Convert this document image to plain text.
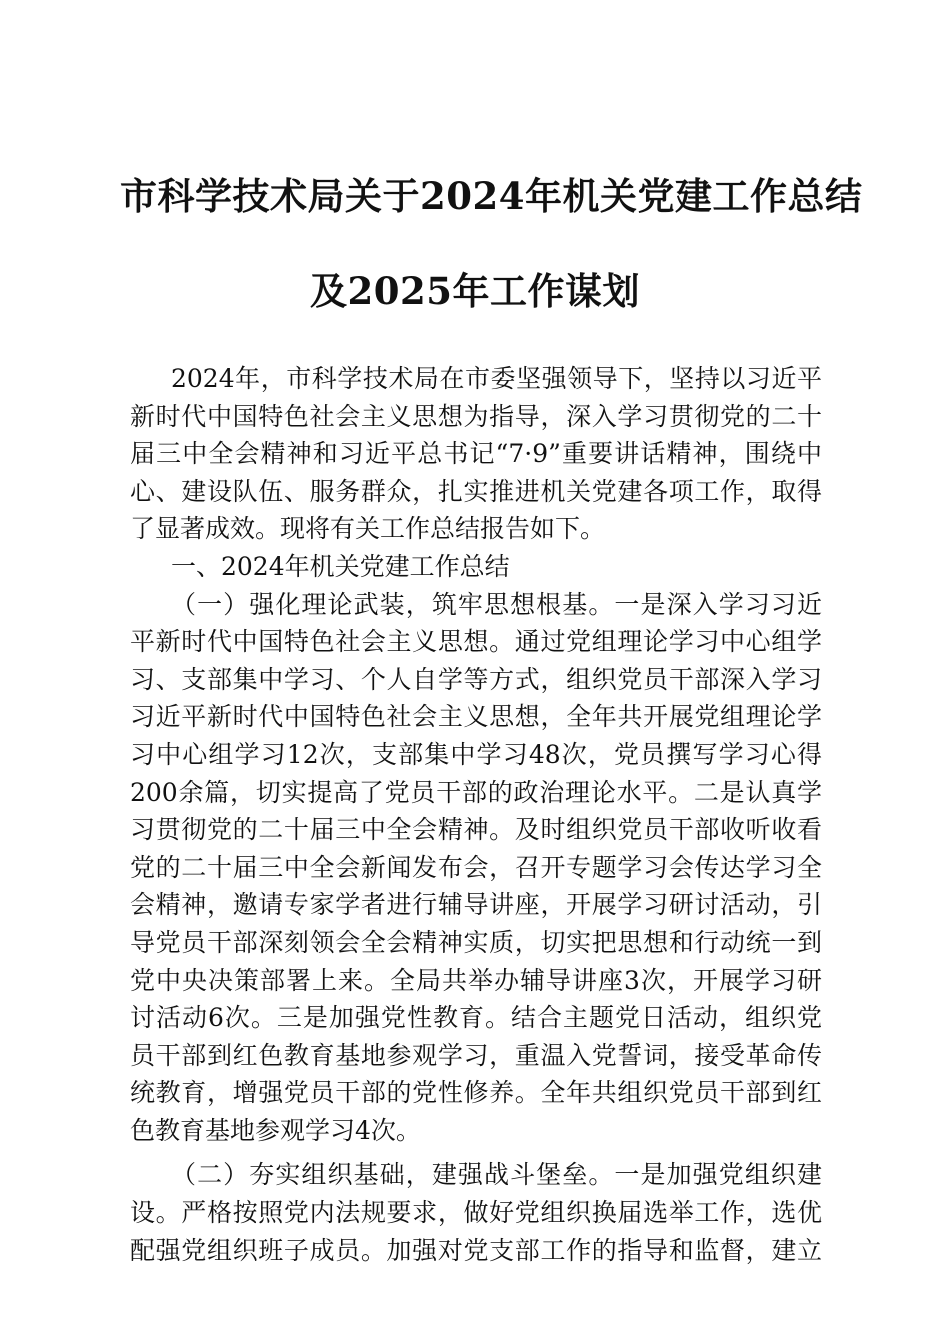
市科学技术局关于2024年机关党建工作总结
及2025年工作谋划
2024年，市科学技术局在市委坚强领导下，坚持以习近平
新时代中国特色社会主义思想为指导，深入学习贯彻党的二十
届三中全会精神和习近平总书记“7·9”重要讲话精神，围绕中
心、建设队伍、服务群众，扎实推进机关党建各项工作，取得
了显著成效。现将有关工作总结报告如下。
一、2024年机关党建工作总结
（一）强化理论武装，筑牢思想根基。一是深入学习习近
平新时代中国特色社会主义思想。通过党组理论学习中心组学
习、支部集中学习、个人自学等方式，组织党员干部深入学习
习近平新时代中国特色社会主义思想，全年共开展党组理论学
习中心组学习12次，支部集中学习48次，党员撰写学习心得
200余篇，切实提高了党员干部的政治理论水平。二是认真学
习贯彻党的二十届三中全会精神。及时组织党员干部收听收看
党的二十届三中全会新闻发布会，召开专题学习会传达学习全
会精神，邀请专家学者进行辅导讲座，开展学习研讨活动，引
导党员干部深刻领会全会精神实质，切实把思想和行动统一到
党中央决策部署上来。全局共举办辅导讲座3次，开展学习研
讨活动6次。三是加强党性教育。结合主题党日活动，组织党
员干部到红色教育基地参观学习，重温入党誓词，接受革命传
统教育，增强党员干部的党性修养。全年共组织党员干部到红
色教育基地参观学习4次。
（二）夯实组织基础，建强战斗堡垒。一是加强党组织建
设。严格按照党内法规要求，做好党组织换届选举工作，选优
配强党组织班子成员。加强对党支部工作的指导和监督，建立
